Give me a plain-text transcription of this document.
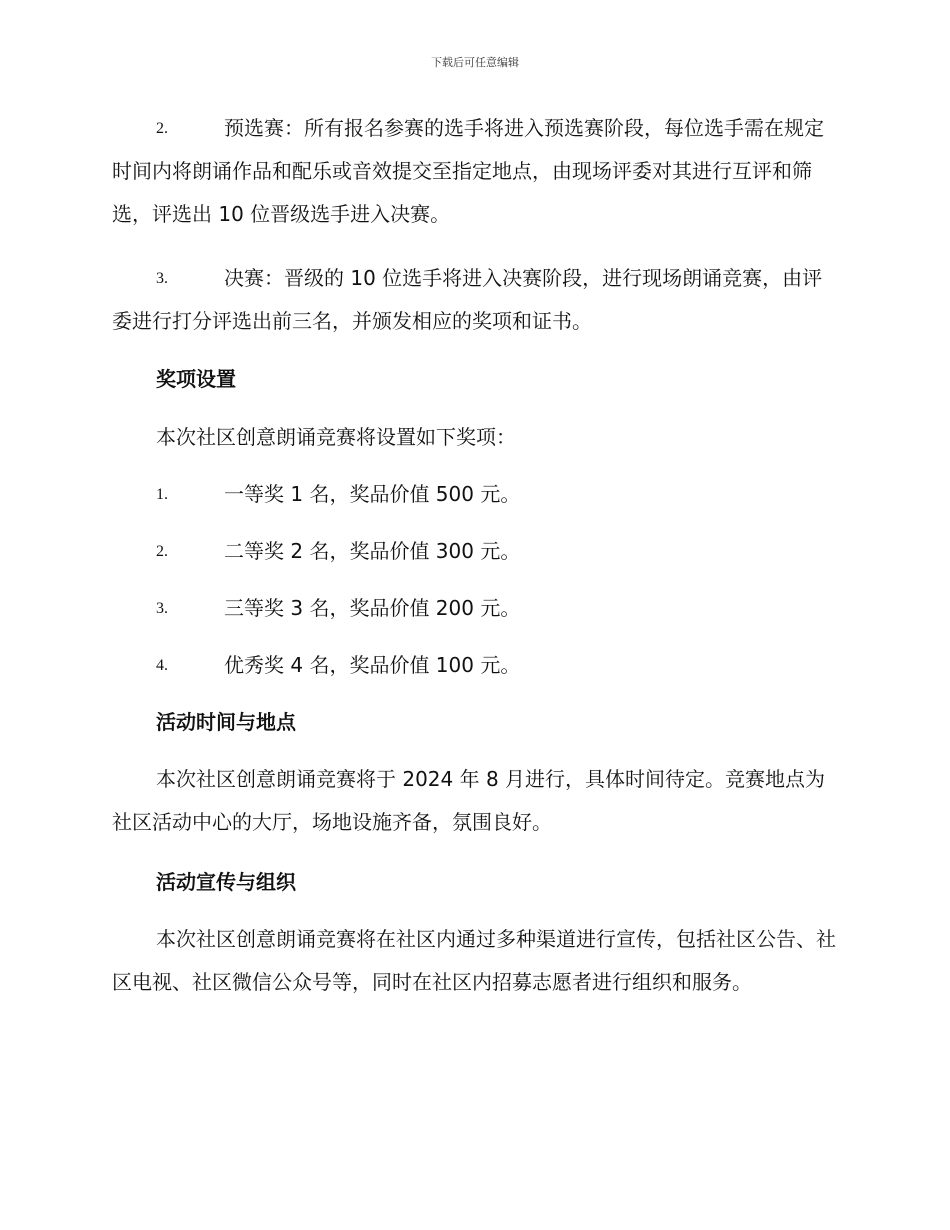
下载后可任意编辑
2.	预选赛：所有报名参赛的选手将进入预选赛阶段，每位选手需在规定时间内将朗诵作品和配乐或音效提交至指定地点，由现场评委对其进行互评和筛选，评选出 10 位晋级选手进入决赛。
3.	决赛：晋级的 10 位选手将进入决赛阶段，进行现场朗诵竞赛，由评委进行打分评选出前三名，并颁发相应的奖项和证书。
奖项设置
本次社区创意朗诵竞赛将设置如下奖项：
1.	一等奖 1 名，奖品价值 500 元。
2.	二等奖 2 名，奖品价值 300 元。
3.	三等奖 3 名，奖品价值 200 元。
4.	优秀奖 4 名，奖品价值 100 元。
活动时间与地点
本次社区创意朗诵竞赛将于 2024 年 8 月进行，具体时间待定。竞赛地点为社区活动中心的大厅，场地设施齐备，氛围良好。
活动宣传与组织
本次社区创意朗诵竞赛将在社区内通过多种渠道进行宣传，包括社区公告、社区电视、社区微信公众号等，同时在社区内招募志愿者进行组织和服务。
